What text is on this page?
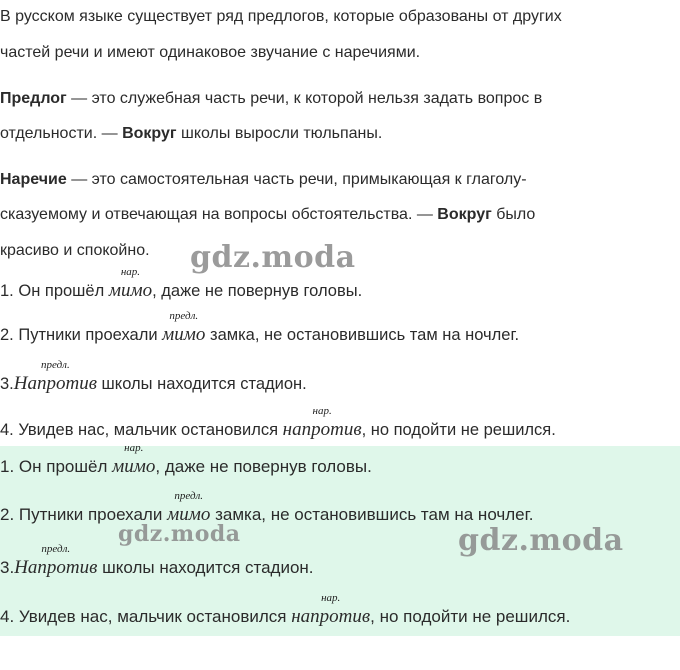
В русском языке существует ряд предлогов, которые образованы от других

частей речи и имеют одинаковое звучание с наречиями.

Предлог — это служебная часть речи, к которой нельзя задать вопрос в

отдельности. — Вокруг школы выросли тюльпаны.

Наречие — это самостоятельная часть речи, примыкающая к глаголу-

сказуемому и отвечающая на вопросы обстоятельства. — Вокруг было

красиво и спокойно. gdz.moda

1. Он прошёл
нар.
мимо, даже не повернув головы.

2. Путники проехали
предл.
мимо замка, не остановившись там на ночлег.

3.
предл.
Напротив школы находится стадион.

4. Увидев нас, мальчик остановился
нар.
напротив, но подойти не решился.

1. Он прошёл
нар.
мимо, даже не повернув головы.

2. Путники проехали
предл.
мимо замка, не остановившись там на ночлег.

3.
предл.
Напротив школы находится стадион.

4. Увидев нас, мальчик остановился
нар.
напротив, но подойти не решился.

gdz.moda	gdz.moda
